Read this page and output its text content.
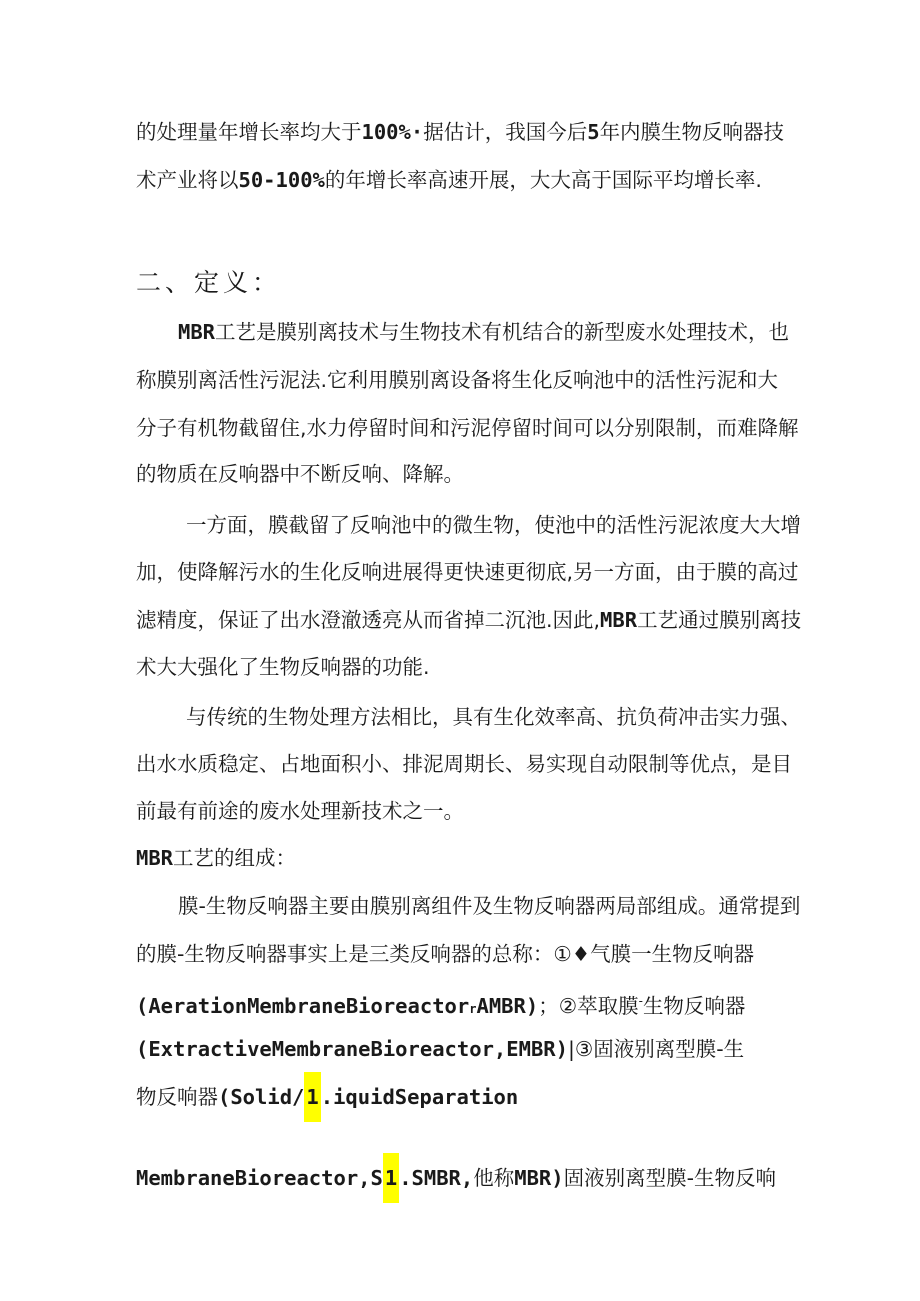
的处理量年增长率均大于100%·据估计，我国今后5年内膜生物反响器技
术产业将以50-100%的年增长率高速开展，大大高于国际平均增长率.
二、定义：
MBR工艺是膜别离技术与生物技术有机结合的新型废水处理技术，也
称膜别离活性污泥法.它利用膜别离设备将生化反响池中的活性污泥和大
分子有机物截留住,水力停留时间和污泥停留时间可以分别限制，而难降解
的物质在反响器中不断反响、降解。
一方面，膜截留了反响池中的微生物，使池中的活性污泥浓度大大增
加，使降解污水的生化反响进展得更快速更彻底,另一方面，由于膜的高过
滤精度，保证了出水澄澈透亮从而省掉二沉池.因此,MBR工艺通过膜别离技
术大大强化了生物反响器的功能.
与传统的生物处理方法相比，具有生化效率高、抗负荷冲击实力强、
出水水质稳定、占地面积小、排泥周期长、易实现自动限制等优点，是目
前最有前途的废水处理新技术之一。
MBR工艺的组成：
膜-生物反响器主要由膜别离组件及生物反响器两局部组成。通常提到
的膜-生物反响器事实上是三类反响器的总称：①♦气膜一生物反响器
(AerationMembraneBioreactorrAMBR)；②萃取膜-生物反响器
(ExtractiveMembraneBioreactor,EMBR)|③固液别离型膜-生
物反响器(Solid/1.iquidSeparation
MembraneBioreactor,S1.SMBR,他称MBR)固液别离型膜-生物反响
